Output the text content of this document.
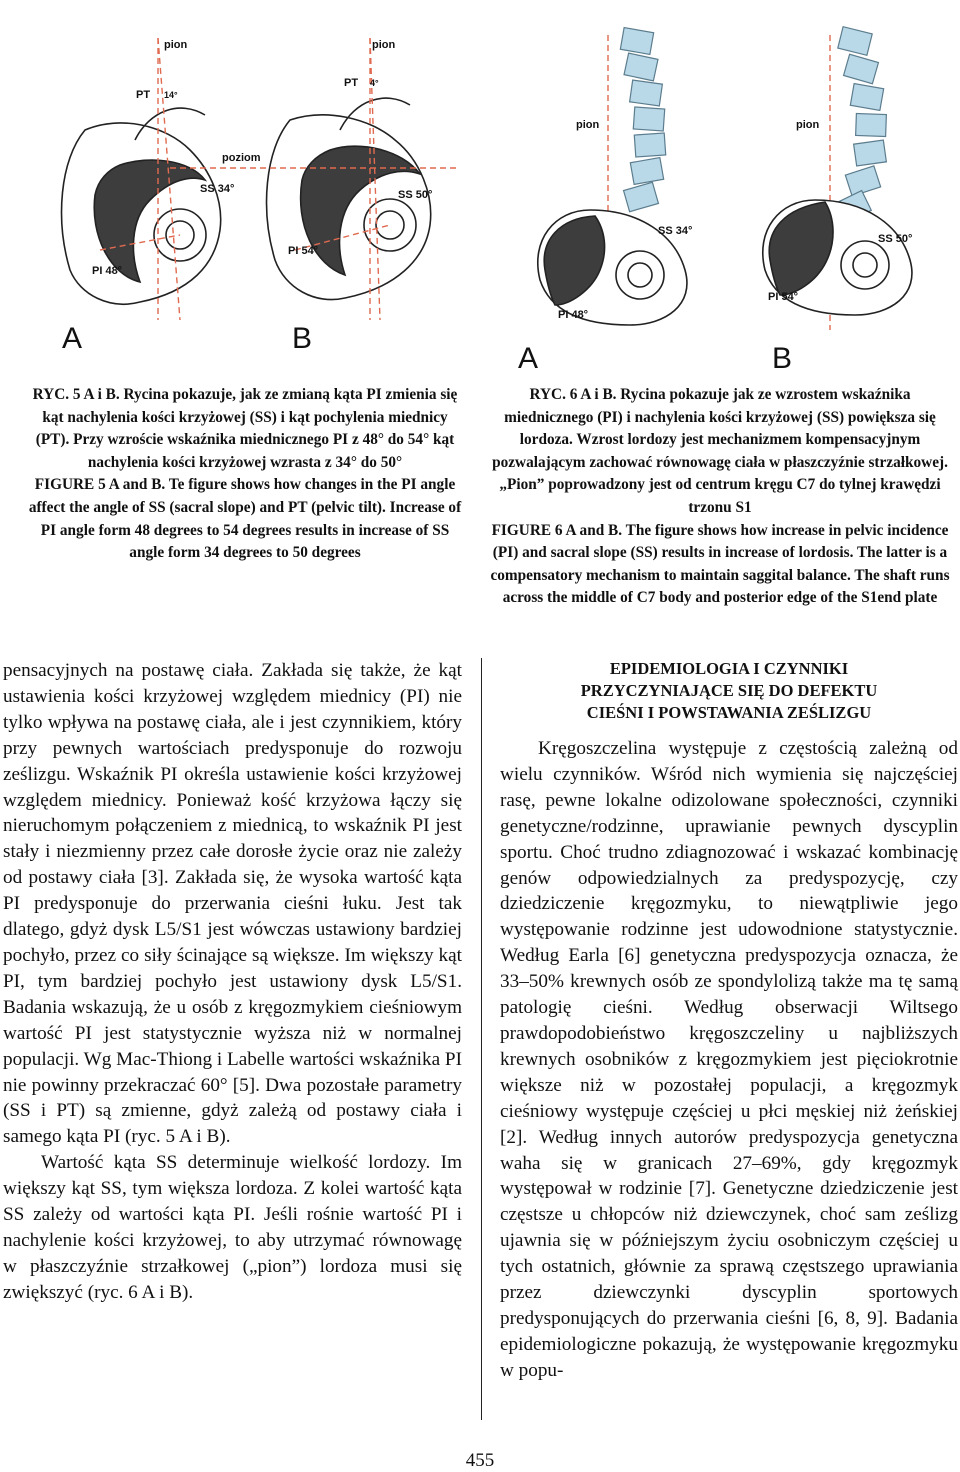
pion	pion
PT 14°
PT 4°
poziom
SS 34°	SS 50°
PI 48°
PI 54°
A	B
pion	pion
SS 34°
SS 50°
PI 48°
PI 54°
A	B

RYC. 5 A i B. Rycina pokazuje, jak ze zmianą kąta PI zmienia się kąt nachylenia kości krzyżowej (SS) i kąt pochylenia miednicy (PT). Przy wzroście wskaźnika miednicznego PI z 48° do 54° kąt nachylenia kości krzyżowej wzrasta z 34° do 50°

FIGURE 5 A and B. Te figure shows how changes in the PI angle affect the angle of SS (sacral slope) and PT (pelvic tilt). Increase of PI angle form 48 degrees to 54 degrees results in increase of SS angle form 34 degrees to 50 degrees

RYC. 6 A i B. Rycina pokazuje jak ze wzrostem wskaźnika miednicznego (PI) i nachylenia kości krzyżowej (SS) powiększa się lordoza. Wzrost lordozy jest mechanizmem kompensacyjnym pozwalającym zachować równowagę ciała w płaszczyźnie strzałkowej. „Pion” poprowadzony jest od centrum kręgu C7 do tylnej krawędzi trzonu S1

FIGURE 6 A and B. The figure shows how increase in pelvic incidence (PI) and sacral slope (SS) results in increase of lordosis. The latter is a compensatory mechanism to maintain saggital balance. The shaft runs across the middle of C7 body and posterior edge of the S1end plate

pensacyjnych na postawę ciała. Zakłada się także, że kąt ustawienia kości krzyżowej względem miednicy (PI) nie tylko wpływa na postawę ciała, ale i jest czynnikiem, który przy pewnych wartościach predysponuje do rozwoju ześlizgu. Wskaźnik PI określa ustawienie kości krzyżowej względem miednicy. Ponieważ kość krzyżowa łączy się nieruchomym połączeniem z miednicą, to wskaźnik PI jest stały i niezmienny przez całe dorosłe życie oraz nie zależy od postawy ciała [3]. Zakłada się, że wysoka wartość kąta PI predysponuje do przerwania cieśni łuku. Jest tak dlatego, gdyż dysk L5/S1 jest wówczas ustawiony bardziej pochyło, przez co siły ścinające są większe. Im większy kąt PI, tym bardziej pochyło jest ustawiony dysk L5/S1. Badania wskazują, że u osób z kręgozmykiem cieśniowym wartość PI jest statystycznie wyższa niż w normalnej populacji. Wg Mac-Thiong i Labelle wartości wskaźnika PI nie powinny przekraczać 60° [5]. Dwa pozostałe parametry (SS i PT) są zmienne, gdyż zależą od postawy ciała i samego kąta PI (ryc. 5 A i B).

Wartość kąta SS determinuje wielkość lordozy. Im większy kąt SS, tym większa lordoza. Z kolei wartość kąta SS zależy od wartości kąta PI. Jeśli rośnie wartość PI i nachylenie kości krzyżowej, to aby utrzymać równowagę w płaszczyźnie strzałkowej („pion”) lordoza musi się zwiększyć (ryc. 6 A i B).

EPIDEMIOLOGIA I CZYNNIKI
PRZYCZYNIAJĄCE SIĘ DO DEFEKTU
CIEŚNI I POWSTAWANIA ZEŚLIZGU

Kręgoszczelina występuje z częstością zależną od wielu czynników. Wśród nich wymienia się najczęściej rasę, pewne lokalne odizolowane społeczności, czynniki genetyczne/rodzinne, uprawianie pewnych dyscyplin sportu. Choć trudno zdiagnozować i wskazać kombinację genów odpowiedzialnych za predyspozycję, czy dziedziczenie kręgozmyku, to niewątpliwie jego występowanie rodzinne jest udowodnione statystycznie. Według Earla [6] genetyczna predyspozycja oznacza, że 33–50% krewnych osób ze spondylolizą także ma tę samą patologię cieśni. Według obserwacji Wiltsego prawdopodobieństwo kręgoszczeliny u najbliższych krewnych osobników z kręgozmykiem jest pięciokrotnie większe niż w pozostałej populacji, a kręgozmyk cieśniowy występuje częściej u płci męskiej niż żeńskiej [2]. Według innych autorów predyspozycja genetyczna waha się w granicach 27–69%, gdy kręgozmyk występował w rodzinie [7]. Genetyczne dziedziczenie jest częstsze u chłopców niż dziewczynek, choć sam ześlizg ujawnia się w późniejszym życiu osobniczym częściej u tych ostatnich, głównie za sprawą częstszego uprawiania przez dziewczynki dyscyplin sportowych predysponujących do przerwania cieśni [6, 8, 9]. Badania epidemiologiczne pokazują, że występowanie kręgozmyku w popu-

455
